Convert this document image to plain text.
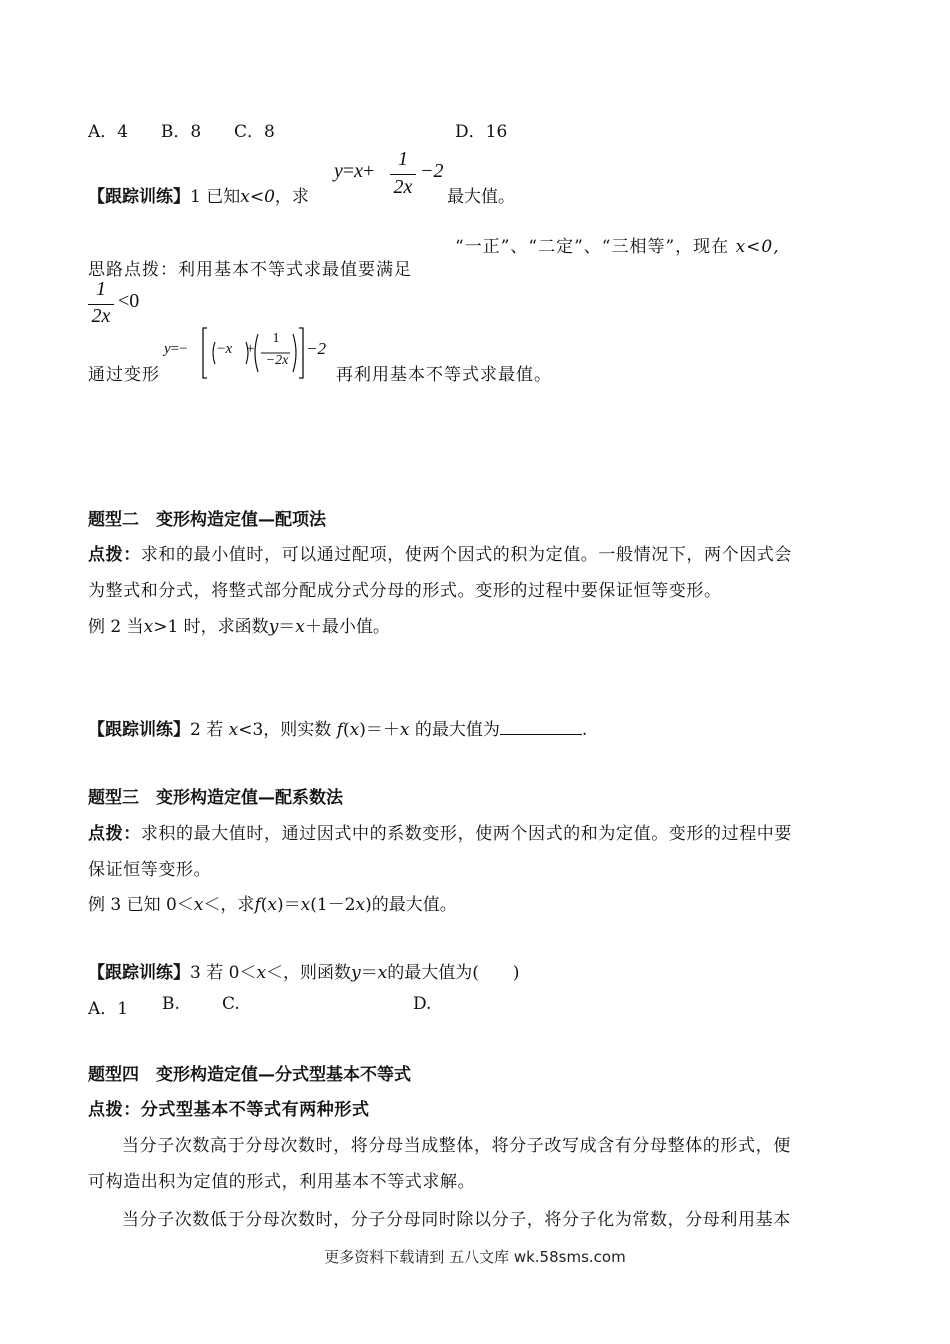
A．4 B．8 C．8	D．16
【跟踪训练】1 已知x<0，求
y=x+
1
2x
−2
最大值。
“一正”、“二定”、“三相等”，现在 x<0,
思路点拨：利用基本不等式求最值要满足
1
2x
<0
通过变形
y=− −x +
1
−2x
−2
再利用基本不等式求最值。
题型二　变形构造定值—配项法
点拨：求和的最小值时，可以通过配项，使两个因式的积为定值。一般情况下，两个因式会
为整式和分式，将整式部分配成分式分母的形式。变形的过程中要保证恒等变形。
例 2 当x>1 时，求函数y＝x＋最小值。
【跟踪训练】2 若 x<3，则实数 f(x)＝＋x 的最大值为	.
题型三　变形构造定值—配系数法
点拨：求积的最大值时，通过因式中的系数变形，使两个因式的和为定值。变形的过程中要
保证恒等变形。
例 3 已知 0＜x＜，求f(x)＝x(1－2x)的最大值。
【跟踪训练】3 若 0＜x＜，则函数y＝x的最大值为(　　)
A．1 B. C.	D.
题型四　变形构造定值—分式型基本不等式
点拨：分式型基本不等式有两种形式
当分子次数高于分母次数时，将分母当成整体，将分子改写成含有分母整体的形式，便
可构造出积为定值的形式，利用基本不等式求解。
当分子次数低于分母次数时，分子分母同时除以分子，将分子化为常数，分母利用基本
更多资料下载请到 五八文库 wk.58sms.com
